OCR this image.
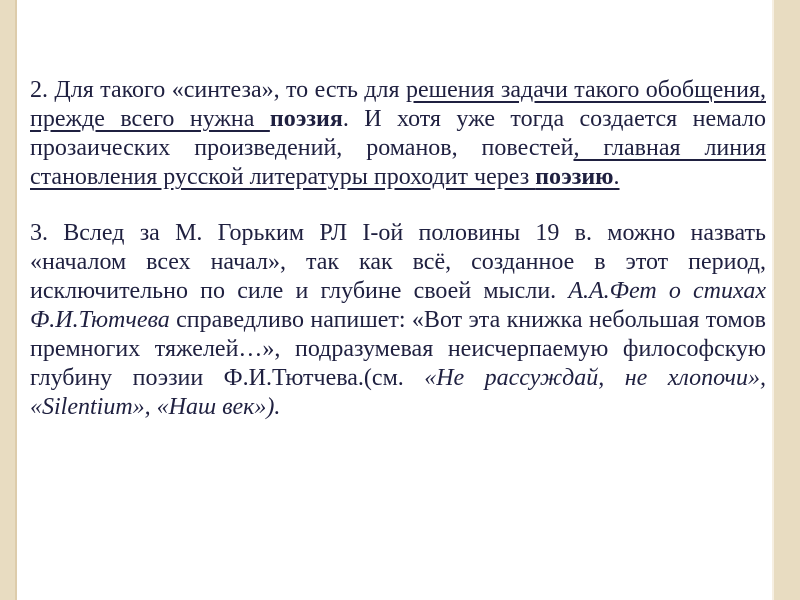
2. Для такого «синтеза», то есть для решения задачи такого обобщения, прежде всего нужна поэзия. И хотя уже тогда создается немало прозаических произведений, романов, повестей, главная линия становления русской литературы проходит через поэзию.

3. Вслед за М. Горьким РЛ I-ой половины 19 в. можно назвать «началом всех начал», так как всё, созданное в этот период, исключительно по силе и глубине своей мысли. А.А.Фет о стихах Ф.И.Тютчева справедливо напишет: «Вот эта книжка небольшая томов премногих тяжелей…», подразумевая неисчерпаемую философскую глубину поэзии Ф.И.Тютчева.(см. «Не рассуждай, не хлопочи», «Silentium», «Наш век»).
